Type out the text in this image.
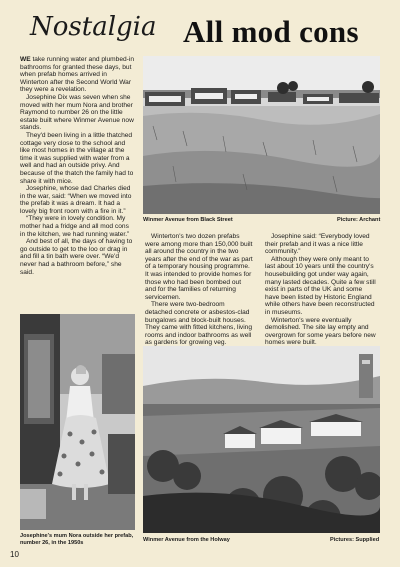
Nostalgia All mod cons

WE take running water and plumbed-in bathrooms for granted these days, but when prefab homes arrived in Winterton after the Second World War they were a revelation.

Josephine Dix was seven when she moved with her mum Nora and brother Raymond to number 26 on the little estate built where Winmer Avenue now stands.

They'd been living in a little thatched cottage very close to the school and like most homes in the village at the time it was supplied with water from a well and had an outside privy. And because of the thatch the family had to share it with mice.

Josephine, whose dad Charles died in the war, said: “When we moved into the prefab it was a dream. It had a lovely big front room with a fire in it.”

“They were in lovely condition. My mother had a fridge and all mod cons in the kitchen, we had running water.”

And best of all, the days of having to go outside to get to the loo or drag in and fill a tin bath were over. “We'd never had a bathroom before,” she said.

Winmer Avenue from Black Street	Picture: Archant

Winterton's two dozen prefabs were among more than 150,000 built all around the country in the two years after the end of the war as part of a temporary housing programme. It was intended to provide homes for those who had been bombed out and for the families of returning servicemen.

There were two-bedroom detached concrete or asbestos-clad bungalows and block-built houses. They came with fitted kitchens, living rooms and indoor bathrooms as well as gardens for growing veg.

Josephine said: “Everybody loved their prefab and it was a nice little community.”

Although they were only meant to last about 10 years until the country's housebuilding got under way again, many lasted decades. Quite a few still exist in parts of the UK and some have been listed by Historic England while others have been reconstructed in museums.

Winterton's were eventually demolished. The site lay empty and overgrown for some years before new homes were built.

Josephine's mum Nora outside her prefab, number 26, in the 1950s	Winmer Avenue from the Holway	Pictures: Supplied
10
